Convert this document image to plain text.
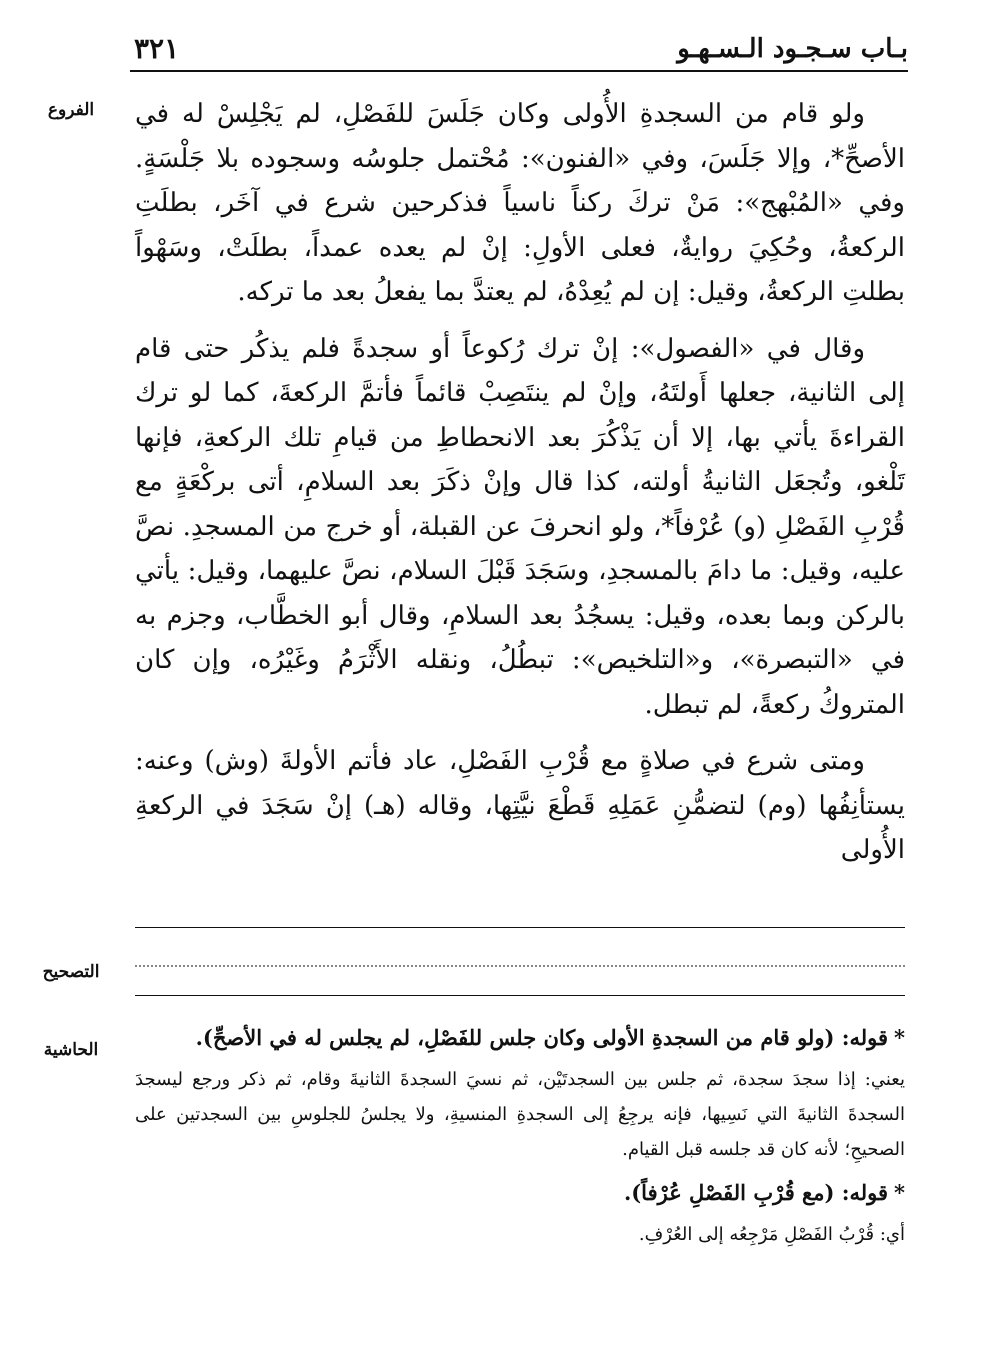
بـاب سـجـود الـسـهـو
٣٢١
الفروع
التصحيح
الحاشية

ولو قام من السجدةِ الأُولى وكان جَلَسَ للفَصْلِ، لم يَجْلِسْ له في الأصحِّ*، وإلا جَلَسَ، وفي «الفنون»: مُحْتمل جلوسُه وسجوده بلا جَلْسَةٍ. وفي «المُبْهج»: مَنْ تركَ ركناً ناسياً فذكرحين شرع في آخَر، بطلَتِ الركعةُ، وحُكِيَ روايةٌ، فعلى الأولِ: إنْ لم يعده عمداً، بطلَتْ، وسَهْواً بطلتِ الركعةُ، وقيل: إن لم يُعِدْهُ، لم يعتدَّ بما يفعلُ بعد ما تركه.

وقال في «الفصول»: إنْ ترك رُكوعاً أو سجدةً فلم يذكُر حتى قام إلى الثانية، جعلها أَولتَهُ، وإنْ لم ينتَصِبْ قائماً فأتمَّ الركعةَ، كما لو ترك القراءةَ يأتي بها، إلا أن يَذْكُرَ بعد الانحطاطِ من قيامِ تلك الركعةِ، فإنها تَلْغو، وتُجعَل الثانيةُ أولته، كذا قال وإنْ ذكَرَ بعد السلامِ، أتى بركْعَةٍ مع قُرْبِ الفَصْلِ (و) عُرْفاً*، ولو انحرفَ عن القبلة، أو خرج من المسجدِ. نصَّ عليه، وقيل: ما دامَ بالمسجدِ، وسَجَدَ قَبْلَ السلام، نصَّ عليهما، وقيل: يأتي بالركن وبما بعده، وقيل: يسجُدُ بعد السلامِ، وقال أبو الخطَّاب، وجزم به في «التبصرة»، و«التلخيص»: تبطُلُ، ونقله الأَثْرَمُ وغَيْرُه، وإن كان المتروكُ ركعةً، لم تبطل.

ومتى شرع في صلاةٍ مع قُرْبِ الفَصْلِ، عاد فأتم الأولةَ (وش) وعنه: يستأنِفُها (وم) لتضمُّنِ عَمَلِهِ قَطْعَ نيَّتِها، وقاله (هـ) إنْ سَجَدَ في الركعةِ الأُولى

*قوله: (ولو قام من السجدةِ الأولى وكان جلس للفَصْلِ، لم يجلس له في الأصحِّ).

يعني: إذا سجدَ سجدة، ثم جلس بين السجدتَيْن، ثم نسيَ السجدةَ الثانيةَ وقام، ثم ذكر ورجع ليسجدَ السجدةَ الثانيةَ التي نَسِيها، فإنه يرجِعُ إلى السجدةِ المنسيةِ، ولا يجلسُ للجلوسِ بين السجدتين على الصحيحِ؛ لأنه كان قد جلسه قبل القيام.

*قوله: (مع قُرْبِ الفَصْلِ عُرْفاً).

أي: قُرْبُ الفَصْلِ مَرْجِعُه إلى العُرْفِ.
